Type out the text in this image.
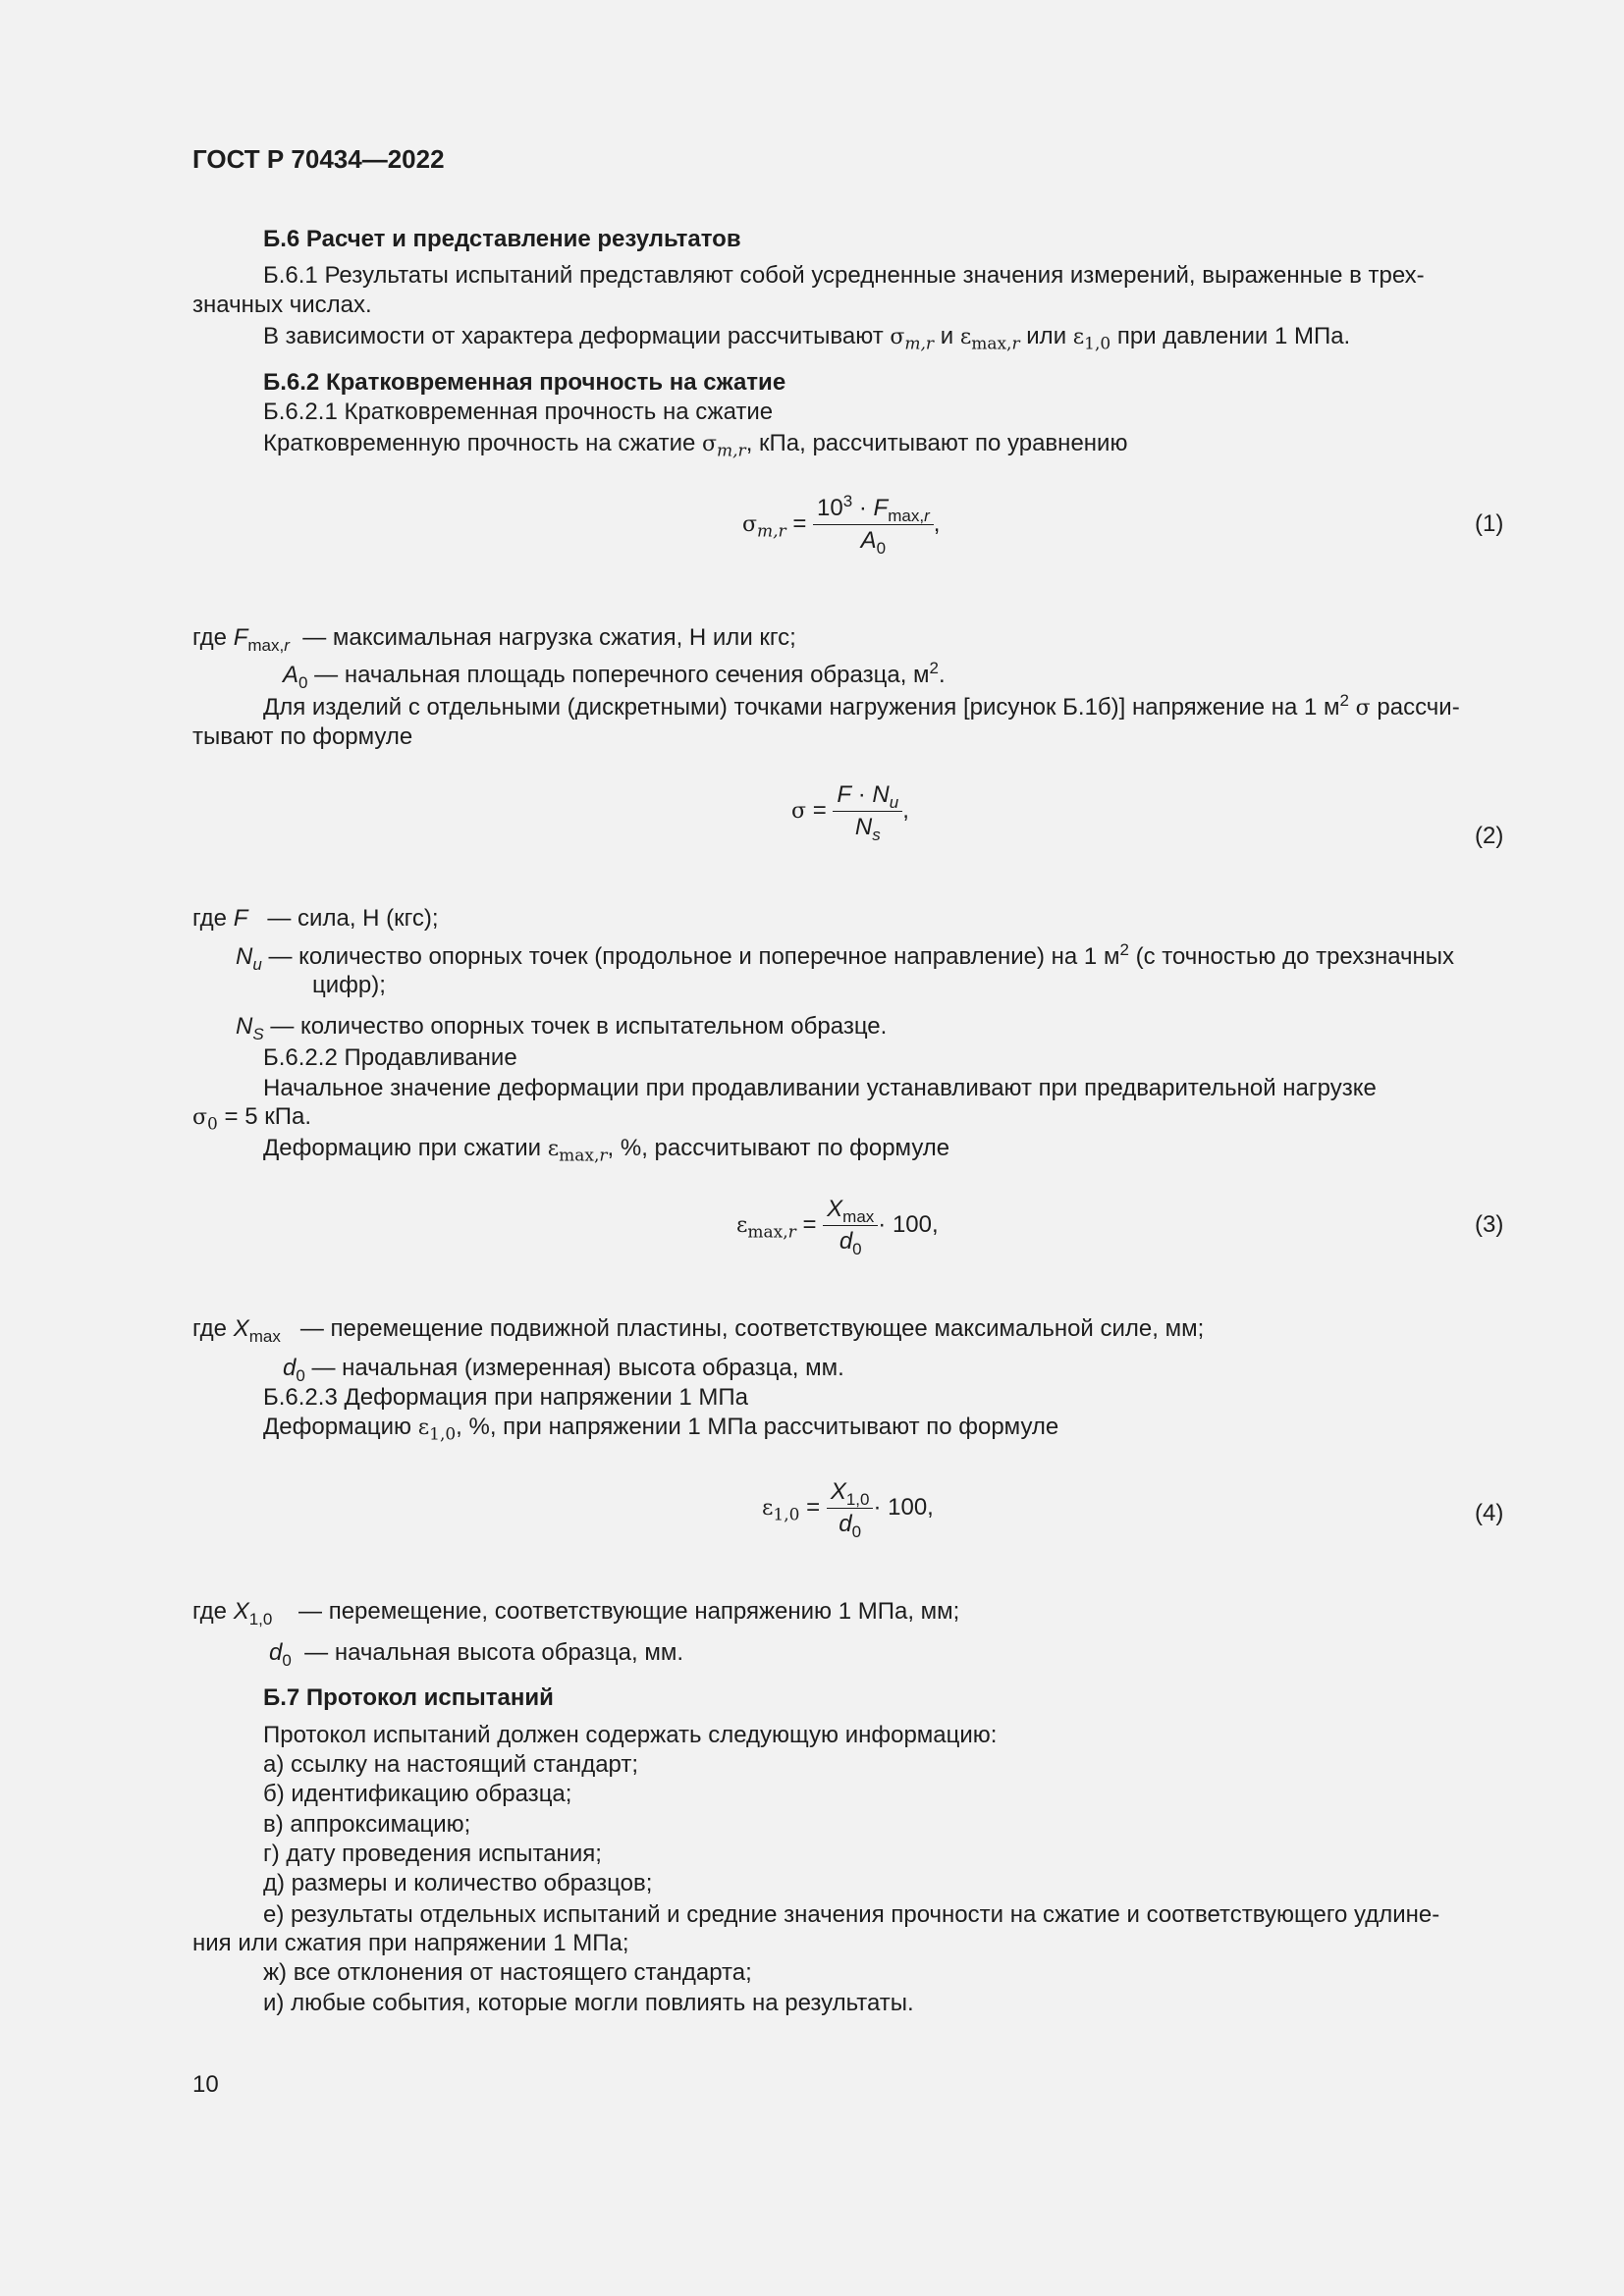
ГОСТ Р 70434—2022
Б.6 Расчет и представление результатов
Б.6.1 Результаты испытаний представляют собой усредненные значения измерений, выраженные в трех-
значных числах.
В зависимости от характера деформации рассчитывают $\sigma_{m,r}$ и $\varepsilon_{max,r}$ или $\varepsilon_{1,0}$ при давлении 1 МПа.
Б.6.2 Кратковременная прочность на сжатие
Б.6.2.1 Кратковременная прочность на сжатие
Кратковременную прочность на сжатие $\sigma_{m,r}$, кПа, рассчитывают по уравнению
$\sigma_{m,r} = \frac{10^3 \cdot F_{max,r}}{A_0}$ ,	(1)
где $F_{max,r}$ — максимальная нагрузка сжатия, Н или кгс;
$A_0$ — начальная площадь поперечного сечения образца, $м^2$.
Для изделий с отдельными (дискретными) точками нагружения [рисунок Б.1б)] напряжение на 1 $м^2$ σ рассчи-
тывают по формуле
$\sigma = \frac{F \cdot N_u}{N_s}$ ,
(2)
где F — сила, Н (кгс);
$N_u$ — количество опорных точек (продольное и поперечное направление) на 1 $м^2$ (с точностью до трехзначных
цифр);
$N_S$ — количество опорных точек в испытательном образце.
Б.6.2.2 Продавливание
Начальное значение деформации при продавливании устанавливают при предварительной нагрузке
$\sigma_0 = 5$ кПа.
Деформацию при сжатии $\varepsilon_{max,r}$, %, рассчитывают по формуле
$\varepsilon_{max,r} = \frac{X_{max}}{d_0} \cdot 100$,	(3)
где $X_{max}$ — перемещение подвижной пластины, соответствующее максимальной силе, мм;
$d_0$ — начальная (измеренная) высота образца, мм.
Б.6.2.3 Деформация при напряжении 1 МПа
Деформацию $\varepsilon_{1,0}$, %, при напряжении 1 МПа рассчитывают по формуле
$\varepsilon_{1,0} = \frac{X_{1,0}}{d_0} \cdot 100$,	(4)
где $X_{1,0}$ — перемещение, соответствующие напряжению 1 МПа, мм;
$d_0$ — начальная высота образца, мм.
Б.7 Протокол испытаний
Протокол испытаний должен содержать следующую информацию:
а) ссылку на настоящий стандарт;
б) идентификацию образца;
в) аппроксимацию;
г) дату проведения испытания;
д) размеры и количество образцов;
е) результаты отдельных испытаний и средние значения прочности на сжатие и соответствующего удлине-
ния или сжатия при напряжении 1 МПа;
ж) все отклонения от настоящего стандарта;
и) любые события, которые могли повлиять на результаты.
10
